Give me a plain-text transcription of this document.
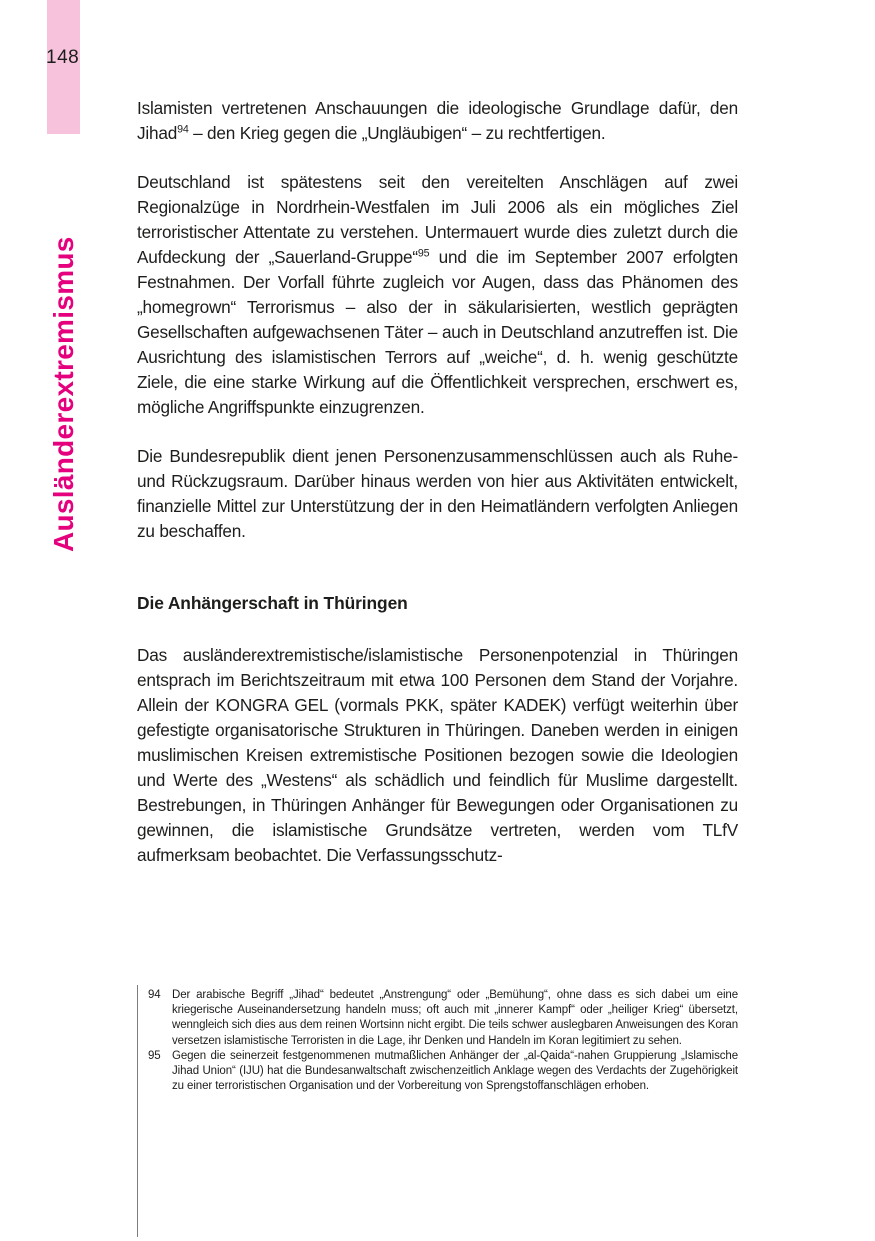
148
Ausländerextremismus

Islamisten vertretenen Anschauungen die ideologische Grundlage dafür, den Jihad$^{94}$ – den Krieg gegen die „Ungläubigen“ – zu rechtfertigen.

Deutschland ist spätestens seit den vereitelten Anschlägen auf zwei Regionalzüge in Nordrhein-Westfalen im Juli 2006 als ein mögliches Ziel terroristischer Attentate zu verstehen. Untermauert wurde dies zuletzt durch die Aufdeckung der „Sauerland-Gruppe“$^{95}$ und die im September 2007 erfolgten Festnahmen. Der Vorfall führte zugleich vor Augen, dass das Phänomen des „homegrown“ Terrorismus – also der in säkularisierten, westlich geprägten Gesellschaften aufgewachsenen Täter – auch in Deutschland anzutreffen ist. Die Ausrichtung des islamistischen Terrors auf „weiche“, d. h. wenig geschützte Ziele, die eine starke Wirkung auf die Öffentlichkeit versprechen, erschwert es, mögliche Angriffspunkte einzugrenzen.

Die Bundesrepublik dient jenen Personenzusammenschlüssen auch als Ruhe- und Rückzugsraum. Darüber hinaus werden von hier aus Aktivitäten entwickelt, finanzielle Mittel zur Unterstützung der in den Heimatländern verfolgten Anliegen zu beschaffen.

Die Anhängerschaft in Thüringen

Das ausländerextremistische/islamistische Personenpotenzial in Thüringen entsprach im Berichtszeitraum mit etwa 100 Personen dem Stand der Vorjahre. Allein der KONGRA GEL (vormals PKK, später KADEK) verfügt weiterhin über gefestigte organisatorische Strukturen in Thüringen. Daneben werden in einigen muslimischen Kreisen extremistische Positionen bezogen sowie die Ideologien und Werte des „Westens“ als schädlich und feindlich für Muslime dargestellt. Bestrebungen, in Thüringen Anhänger für Bewegungen oder Organisationen zu gewinnen, die islamistische Grundsätze vertreten, werden vom TLfV aufmerksam beobachtet. Die Verfassungsschutz-

94 Der arabische Begriff „Jihad“ bedeutet „Anstrengung“ oder „Bemühung“, ohne dass es sich dabei um eine kriegerische Auseinandersetzung handeln muss; oft auch mit „innerer Kampf“ oder „heiliger Krieg“ übersetzt, wenngleich sich dies aus dem reinen Wortsinn nicht ergibt. Die teils schwer auslegbaren Anweisungen des Koran versetzen islamistische Terroristen in die Lage, ihr Denken und Handeln im Koran legitimiert zu sehen.
95 Gegen die seinerzeit festgenommenen mutmaßlichen Anhänger der „al-Qaida“-nahen Gruppierung „Islamische Jihad Union“ (IJU) hat die Bundesanwaltschaft zwischenzeitlich Anklage wegen des Verdachts der Zugehörigkeit zu einer terroristischen Organisation und der Vorbereitung von Sprengstoffanschlägen erhoben.
